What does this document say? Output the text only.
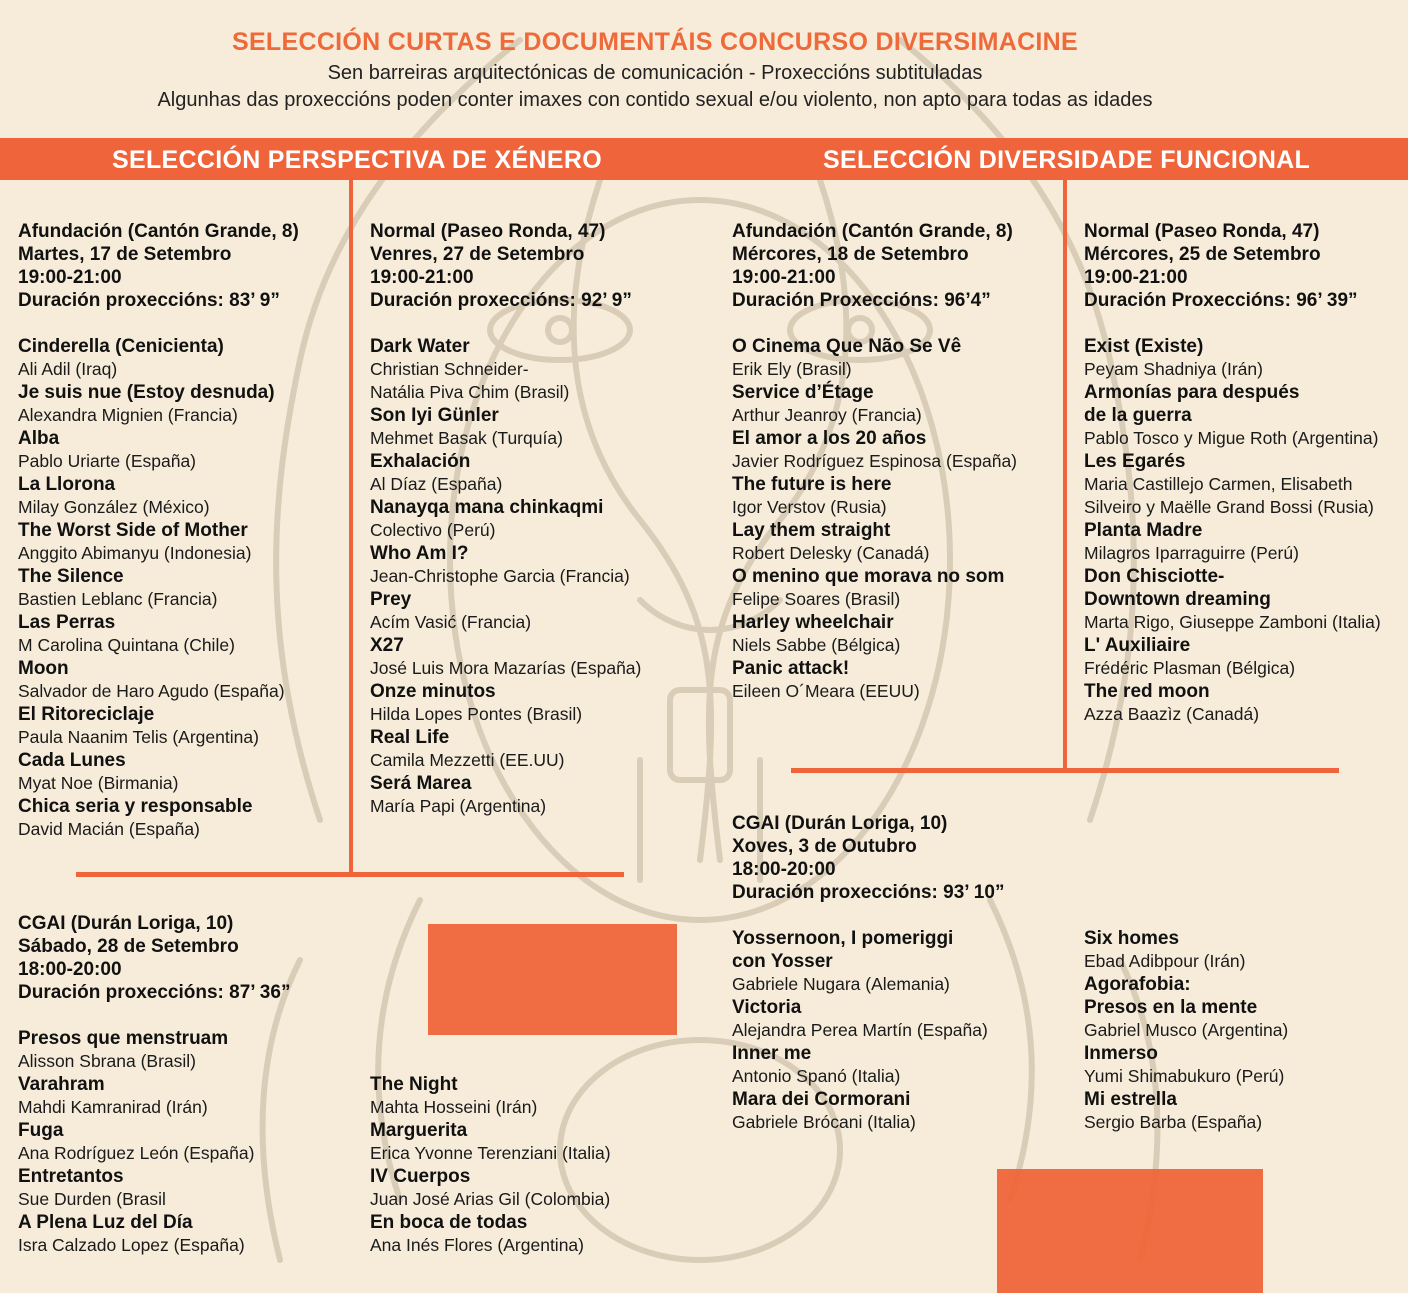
SELECCIÓN CURTAS E DOCUMENTÁIS CONCURSO DIVERSIMACINE
Sen barreiras arquitectónicas de comunicación - Proxeccións subtituladas
Algunhas das proxeccións poden conter imaxes con contido sexual e/ou violento, non apto para todas as idades
SELECCIÓN PERSPECTIVA DE XÉNERO	SELECCIÓN DIVERSIDADE FUNCIONAL
Afundación (Cantón Grande, 8)
Martes, 17 de Setembro
19:00-21:00
Duración proxeccións: 83’ 9”
Cinderella (Cenicienta)
Ali Adil (Iraq)
Je suis nue (Estoy desnuda)
Alexandra Mignien (Francia)
Alba
Pablo Uriarte (España)
La Llorona
Milay González (México)
The Worst Side of Mother
Anggito Abimanyu (Indonesia)
The Silence
Bastien Leblanc (Francia)
Las Perras
M Carolina Quintana (Chile)
Moon
Salvador de Haro Agudo (España)
El Ritoreciclaje
Paula Naanim Telis (Argentina)
Cada Lunes
Myat Noe (Birmania)
Chica seria y responsable
David Macián (España)
Normal (Paseo Ronda, 47)
Venres, 27 de Setembro
19:00-21:00
Duración proxeccións: 92’ 9”
Dark Water
Christian Schneider-
Natália Piva Chim (Brasil)
Son Iyi Günler
Mehmet Basak (Turquía)
Exhalación
Al Díaz (España)
Nanayqa mana chinkaqmi
Colectivo (Perú)
Who Am I?
Jean-Christophe Garcia (Francia)
Prey
Acím Vasić (Francia)
X27
José Luis Mora Mazarías (España)
Onze minutos
Hilda Lopes Pontes (Brasil)
Real Life
Camila Mezzetti (EE.UU)
Será Marea
María Papi (Argentina)
Afundación (Cantón Grande, 8)
Mércores, 18 de Setembro
19:00-21:00
Duración Proxeccións: 96’4”
O Cinema Que Não Se Vê
Erik Ely (Brasil)
Service d’Étage
Arthur Jeanroy (Francia)
El amor a los 20 años
Javier Rodríguez Espinosa (España)
The future is here
Igor Verstov (Rusia)
Lay them straight
Robert Delesky (Canadá)
O menino que morava no som
Felipe Soares (Brasil)
Harley wheelchair
Niels Sabbe (Bélgica)
Panic attack!
Eileen O´Meara (EEUU)
Normal (Paseo Ronda, 47)
Mércores, 25 de Setembro
19:00-21:00
Duración Proxeccións: 96’ 39”
Exist (Existe)
Peyam Shadniya (Irán)
Armonías para después
de la guerra
Pablo Tosco y Migue Roth (Argentina)
Les Egarés
Maria Castillejo Carmen, Elisabeth
Silveiro y Maëlle Grand Bossi (Rusia)
Planta Madre
Milagros Iparraguirre (Perú)
Don Chisciotte-
Downtown dreaming
Marta Rigo, Giuseppe Zamboni (Italia)
L' Auxiliaire
Frédéric Plasman (Bélgica)
The red moon
Azza Baazìz (Canadá)
CGAI (Durán Loriga, 10)
Sábado, 28 de Setembro
18:00-20:00
Duración proxeccións: 87’ 36”
Presos que menstruam
Alisson Sbrana (Brasil)
Varahram
Mahdi Kamranirad (Irán)
Fuga
Ana Rodríguez León (España)
Entretantos
Sue Durden (Brasil
A Plena Luz del Día
Isra Calzado Lopez (España)
The Night
Mahta Hosseini (Irán)
Marguerita
Erica Yvonne Terenziani (Italia)
IV Cuerpos
Juan José Arias Gil (Colombia)
En boca de todas
Ana Inés Flores (Argentina)
CGAI (Durán Loriga, 10)
Xoves, 3 de Outubro
18:00-20:00
Duración proxeccións: 93’ 10”
Yossernoon, I pomeriggi
con Yosser
Gabriele Nugara (Alemania)
Victoria
Alejandra Perea Martín (España)
Inner me
Antonio Spanó (Italia)
Mara dei Cormorani
Gabriele Brócani (Italia)
Six homes
Ebad Adibpour (Irán)
Agorafobia:
Presos en la mente
Gabriel Musco (Argentina)
Inmerso
Yumi Shimabukuro (Perú)
Mi estrella
Sergio Barba (España)
